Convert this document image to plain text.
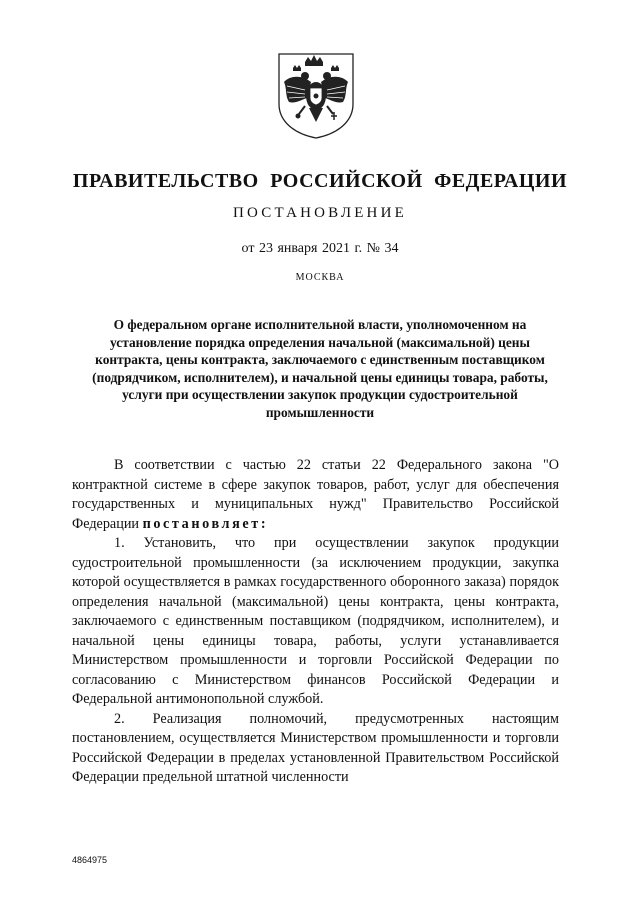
ПРАВИТЕЛЬСТВО РОССИЙСКОЙ ФЕДЕРАЦИИ
ПОСТАНОВЛЕНИЕ
от 23 января 2021 г. № 34
МОСКВА
О федеральном органе исполнительной власти, уполномоченном на установление порядка определения начальной (максимальной) цены контракта, цены контракта, заключаемого с единственным поставщиком (подрядчиком, исполнителем), и начальной цены единицы товара, работы, услуги при осуществлении закупок продукции судостроительной промышленности

В соответствии с частью 22 статьи 22 Федерального закона "О контрактной системе в сфере закупок товаров, работ, услуг для обеспечения государственных и муниципальных нужд" Правительство Российской Федерации постановляет:

1. Установить, что при осуществлении закупок продукции судостроительной промышленности (за исключением продукции, закупка которой осуществляется в рамках государственного оборонного заказа) порядок определения начальной (максимальной) цены контракта, цены контракта, заключаемого с единственным поставщиком (подрядчиком, исполнителем), и начальной цены единицы товара, работы, услуги устанавливается Министерством промышленности и торговли Российской Федерации по согласованию с Министерством финансов Российской Федерации и Федеральной антимонопольной службой.

2. Реализация полномочий, предусмотренных настоящим постановлением, осуществляется Министерством промышленности и торговли Российской Федерации в пределах установленной Правительством Российской Федерации предельной штатной численности

4864975
